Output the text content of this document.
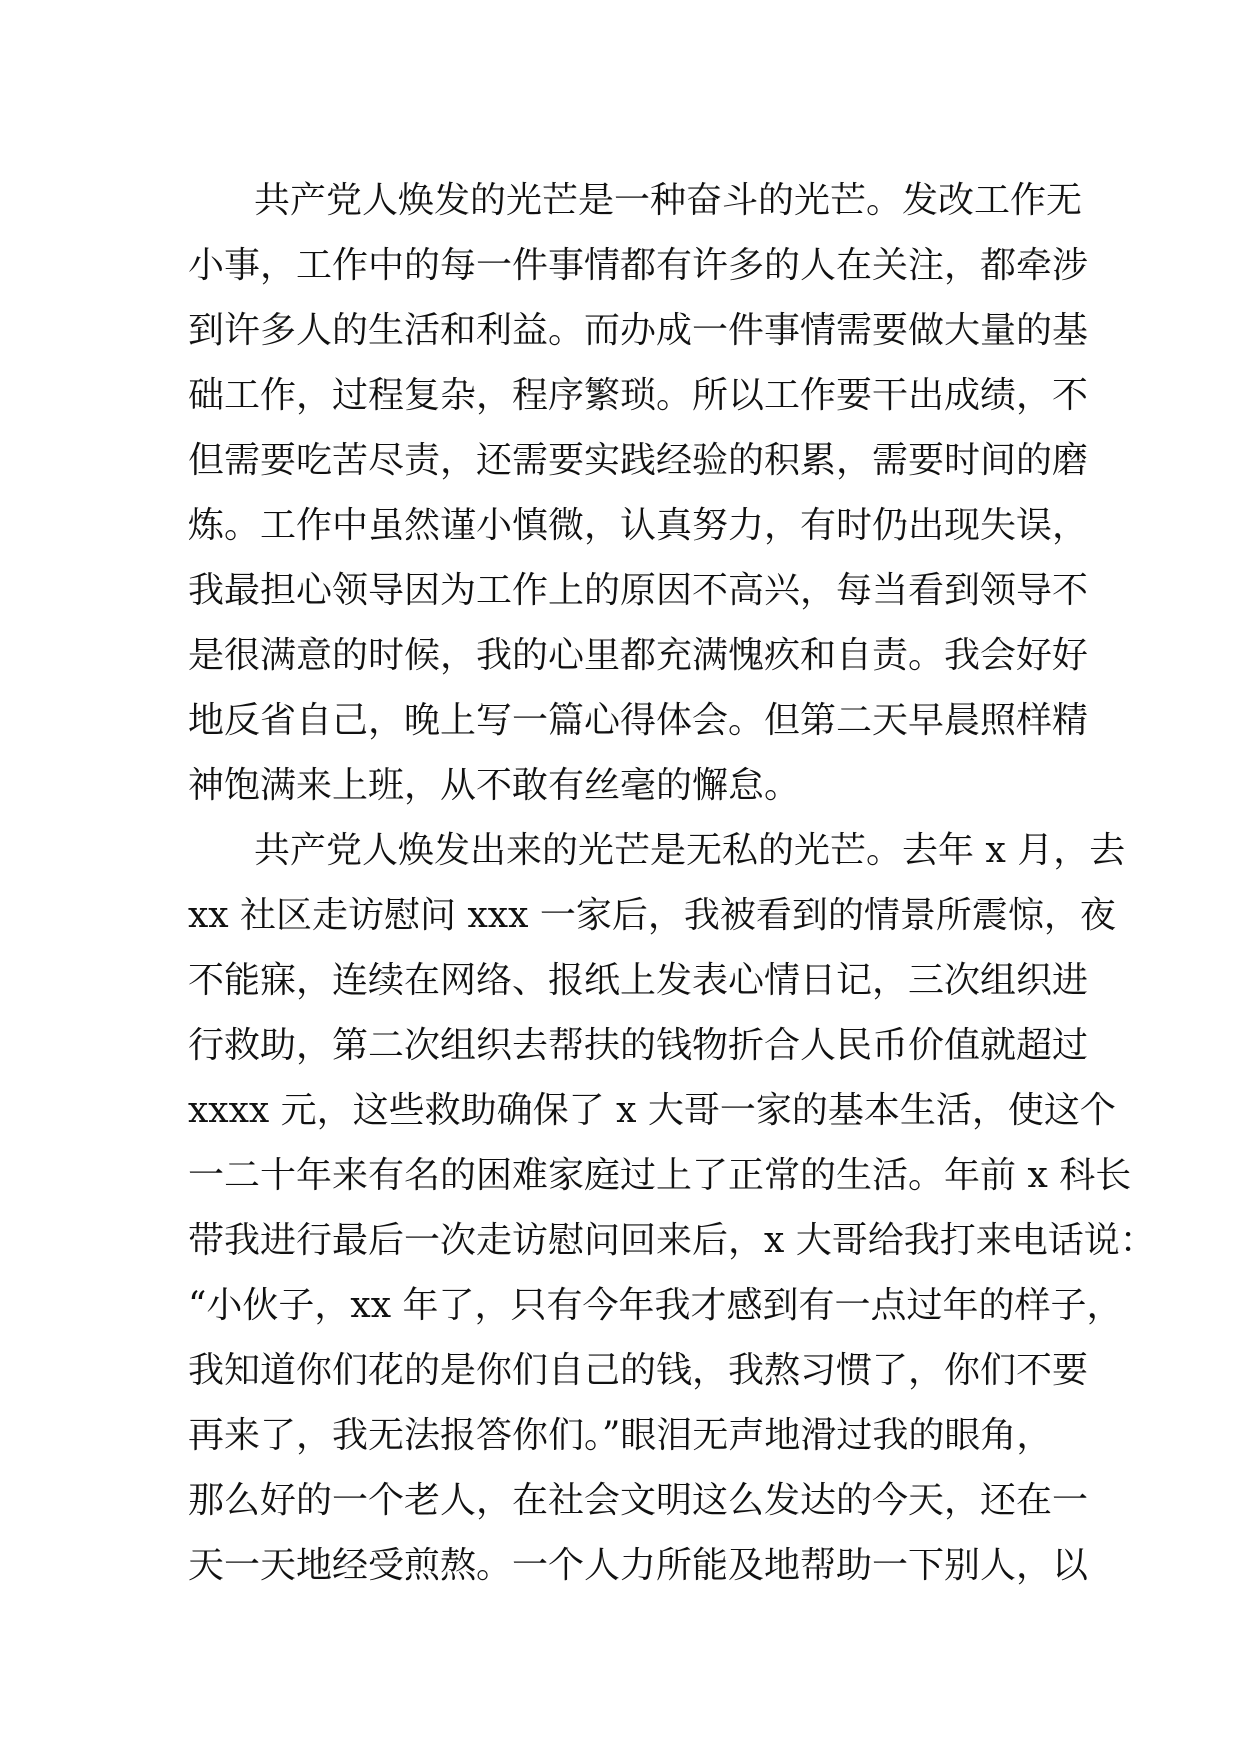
共产党人焕发的光芒是一种奋斗的光芒。发改工作无
小事，工作中的每一件事情都有许多的人在关注，都牵涉
到许多人的生活和利益。而办成一件事情需要做大量的基
础工作，过程复杂，程序繁琐。所以工作要干出成绩，不
但需要吃苦尽责，还需要实践经验的积累，需要时间的磨
炼。工作中虽然谨小慎微，认真努力，有时仍出现失误，
我最担心领导因为工作上的原因不高兴，每当看到领导不
是很满意的时候，我的心里都充满愧疚和自责。我会好好
地反省自己，晚上写一篇心得体会。但第二天早晨照样精
神饱满来上班，从不敢有丝毫的懈怠。
共产党人焕发出来的光芒是无私的光芒。去年 x 月，去
xx 社区走访慰问 xxx 一家后，我被看到的情景所震惊，夜
不能寐，连续在网络、报纸上发表心情日记，三次组织进
行救助，第二次组织去帮扶的钱物折合人民币价值就超过
xxxx 元，这些救助确保了 x 大哥一家的基本生活，使这个
一二十年来有名的困难家庭过上了正常的生活。年前 x 科长
带我进行最后一次走访慰问回来后，x 大哥给我打来电话说：
“小伙子，xx 年了，只有今年我才感到有一点过年的样子，
我知道你们花的是你们自己的钱，我熬习惯了，你们不要
再来了，我无法报答你们。”眼泪无声地滑过我的眼角，
那么好的一个老人，在社会文明这么发达的今天，还在一
天一天地经受煎熬。一个人力所能及地帮助一下别人，以
